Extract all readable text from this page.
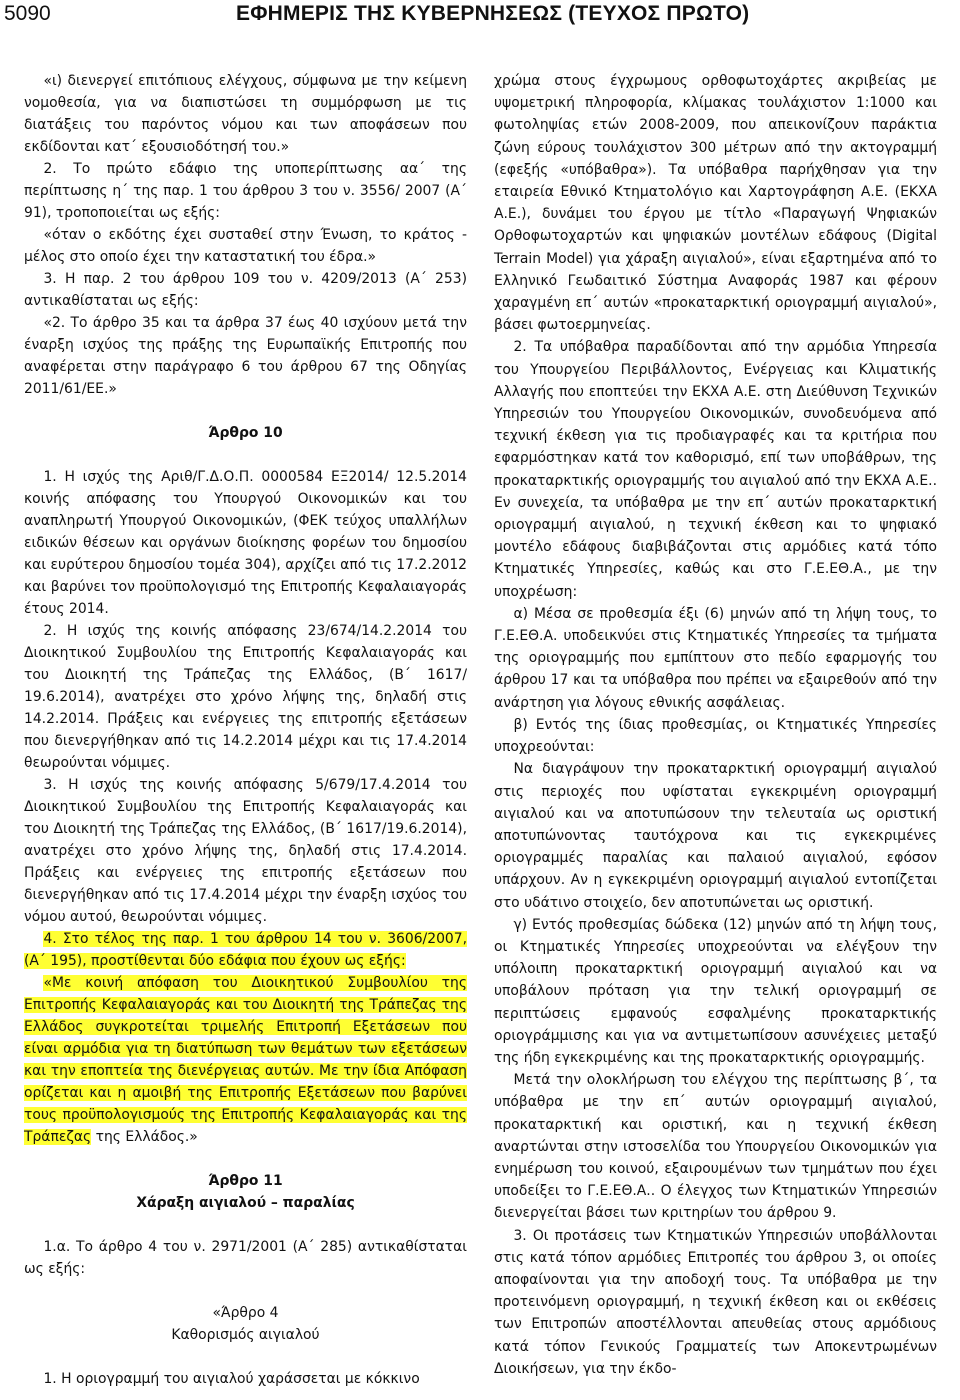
5090	ΕΦΗΜΕΡΙΣ ΤΗΣ ΚΥΒΕΡΝΗΣΕΩΣ (ΤΕΥΧΟΣ ΠΡΩΤΟ)

«ι) διενεργεί επιτόπιους ελέγχους, σύμφωνα με την κείμενη νομοθεσία, για να διαπιστώσει τη συμμόρφωση με τις διατάξεις του παρόντος νόμου και των αποφάσεων που εκδίδονται κατ΄ εξουσιοδότησή του.»

2. Το πρώτο εδάφιο της υποπερίπτωσης αα΄ της περίπτωσης η΄ της παρ. 1 του άρθρου 3 του ν. 3556/ 2007 (Α΄ 91), τροποποιείται ως εξής:

«όταν ο εκδότης έχει συσταθεί στην Ένωση, το κράτος - μέλος στο οποίο έχει την καταστατική του έδρα.»

3. Η παρ. 2 του άρθρου 109 του ν. 4209/2013 (Α΄ 253) αντικαθίσταται ως εξής:

«2. Το άρθρο 35 και τα άρθρα 37 έως 40 ισχύουν μετά την έναρξη ισχύος της πράξης της Ευρωπαϊκής Επιτροπής που αναφέρεται στην παράγραφο 6 του άρθρου 67 της Οδηγίας 2011/61/ΕΕ.»

Άρθρο 10

1. Η ισχύς της Αριθ/Γ.Δ.Ο.Π. 0000584 ΕΞ2014/ 12.5.2014 κοινής απόφασης του Υπουργού Οικονομικών και του αναπληρωτή Υπουργού Οικονομικών, (ΦΕΚ τεύχος υπαλλήλων ειδικών θέσεων και οργάνων διοίκησης φορέων του δημοσίου και ευρύτερου δημοσίου τομέα 304), αρχίζει από τις 17.2.2012 και βαρύνει τον προϋπολογισμό της Επιτροπής Κεφαλαιαγοράς έτους 2014.

2. Η ισχύς της κοινής απόφασης 23/674/14.2.2014 του Διοικητικού Συμβουλίου της Επιτροπής Κεφαλαιαγοράς και του Διοικητή της Τράπεζας της Ελλάδος, (Β΄ 1617/ 19.6.2014), ανατρέχει στο χρόνο λήψης της, δηλαδή στις 14.2.2014. Πράξεις και ενέργειες της επιτροπής εξετάσεων που διενεργήθηκαν από τις 14.2.2014 μέχρι και τις 17.4.2014 θεωρούνται νόμιμες.

3. Η ισχύς της κοινής απόφασης 5/679/17.4.2014 του Διοικητικού Συμβουλίου της Επιτροπής Κεφαλαιαγοράς και του Διοικητή της Τράπεζας της Ελλάδος, (Β΄ 1617/19.6.2014), ανατρέχει στο χρόνο λήψης της, δηλαδή στις 17.4.2014. Πράξεις και ενέργειες της επιτροπής εξετάσεων που διενεργήθηκαν από τις 17.4.2014 μέχρι την έναρξη ισχύος του νόμου αυτού, θεωρούνται νόμιμες.

4. Στο τέλος της παρ. 1 του άρθρου 14 του ν. 3606/2007, (Α΄ 195), προστίθενται δύο εδάφια που έχουν ως εξής:

«Με κοινή απόφαση του Διοικητικού Συμβουλίου της Επιτροπής Κεφαλαιαγοράς και του Διοικητή της Τράπεζας της Ελλάδος συγκροτείται τριμελής Επιτροπή Εξετάσεων που είναι αρμόδια για τη διατύπωση των θεμάτων των εξετάσεων και την εποπτεία της διενέργειας αυτών. Με την ίδια Απόφαση ορίζεται και η αμοιβή της Επιτροπής Εξετάσεων που βαρύνει τους προϋπολογισμούς της Επιτροπής Κεφαλαιαγοράς και της Τράπεζας της Ελλάδος.»

Άρθρο 11

Χάραξη αιγιαλού – παραλίας

1.α. Το άρθρο 4 του ν. 2971/2001 (Α΄ 285) αντικαθίσταται ως εξής:

«Άρθρο 4

Καθορισμός αιγιαλού

1. Η οριογραμμή του αιγιαλού χαράσσεται με κόκκινο

χρώμα στους έγχρωμους ορθοφωτοχάρτες ακριβείας με υψομετρική πληροφορία, κλίμακας τουλάχιστον 1:1000 και φωτοληψίας ετών 2008-2009, που απεικονίζουν παράκτια ζώνη εύρους τουλάχιστον 300 μέτρων από την ακτογραμμή (εφεξής «υπόβαθρα»). Τα υπόβαθρα παρήχθησαν για την εταιρεία Εθνικό Κτηματολόγιο και Χαρτογράφηση Α.Ε. (ΕΚΧΑ Α.Ε.), δυνάμει του έργου με τίτλο «Παραγωγή Ψηφιακών Ορθοφωτοχαρτών και ψηφιακών μοντέλων εδάφους (Digital Terrain Model) για χάραξη αιγιαλού», είναι εξαρτημένα από το Ελληνικό Γεωδαιτικό Σύστημα Αναφοράς 1987 και φέρουν χαραγμένη επ΄ αυτών «προκαταρκτική οριογραμμή αιγιαλού», βάσει φωτοερμηνείας.

2. Τα υπόβαθρα παραδίδονται από την αρμόδια Υπηρεσία του Υπουργείου Περιβάλλοντος, Ενέργειας και Κλιματικής Αλλαγής που εποπτεύει την ΕΚΧΑ Α.Ε. στη Διεύθυνση Τεχνικών Υπηρεσιών του Υπουργείου Οικονομικών, συνοδευόμενα από τεχνική έκθεση για τις προδιαγραφές και τα κριτήρια που εφαρμόστηκαν κατά τον καθορισμό, επί των υποβάθρων, της προκαταρκτικής οριογραμμής του αιγιαλού από την ΕΚΧΑ Α.Ε.. Εν συνεχεία, τα υπόβαθρα με την επ΄ αυτών προκαταρκτική οριογραμμή αιγιαλού, η τεχνική έκθεση και το ψηφιακό μοντέλο εδάφους διαβιβάζονται στις αρμόδιες κατά τόπο Κτηματικές Υπηρεσίες, καθώς και στο Γ.Ε.ΕΘ.Α., με την υποχρέωση:

α) Μέσα σε προθεσμία έξι (6) μηνών από τη λήψη τους, το Γ.Ε.ΕΘ.Α. υποδεικνύει στις Κτηματικές Υπηρεσίες τα τμήματα της οριογραμμής που εμπίπτουν στο πεδίο εφαρμογής του άρθρου 17 και τα υπόβαθρα που πρέπει να εξαιρεθούν από την ανάρτηση για λόγους εθνικής ασφάλειας.

β) Εντός της ίδιας προθεσμίας, οι Κτηματικές Υπηρεσίες υποχρεούνται:

Να διαγράψουν την προκαταρκτική οριογραμμή αιγιαλού στις περιοχές που υφίσταται εγκεκριμένη οριογραμμή αιγιαλού και να αποτυπώσουν την τελευταία ως οριστική αποτυπώνοντας ταυτόχρονα και τις εγκεκριμένες οριογραμμές παραλίας και παλαιού αιγιαλού, εφόσον υπάρχουν. Αν η εγκεκριμένη οριογραμμή αιγιαλού εντοπίζεται στο υδάτινο στοιχείο, δεν αποτυπώνεται ως οριστική.

γ) Εντός προθεσμίας δώδεκα (12) μηνών από τη λήψη τους, οι Κτηματικές Υπηρεσίες υποχρεούνται να ελέγξουν την υπόλοιπη προκαταρκτική οριογραμμή αιγιαλού και να υποβάλουν πρόταση για την τελική οριογραμμή σε περιπτώσεις εμφανούς εσφαλμένης προκαταρκτικής οριογράμμισης και για να αντιμετωπίσουν ασυνέχειες μεταξύ της ήδη εγκεκριμένης και της προκαταρκτικής οριογραμμής.

Μετά την ολοκλήρωση του ελέγχου της περίπτωσης β΄, τα υπόβαθρα με την επ΄ αυτών οριογραμμή αιγιαλού, προκαταρκτική και οριστική, και η τεχνική έκθεση αναρτώνται στην ιστοσελίδα του Υπουργείου Οικονομικών για ενημέρωση του κοινού, εξαιρουμένων των τμημάτων που έχει υποδείξει το Γ.Ε.ΕΘ.Α.. Ο έλεγχος των Κτηματικών Υπηρεσιών διενεργείται βάσει των κριτηρίων του άρθρου 9.

3. Οι προτάσεις των Κτηματικών Υπηρεσιών υποβάλλονται στις κατά τόπον αρμόδιες Επιτροπές του άρθρου 3, οι οποίες αποφαίνονται για την αποδοχή τους. Τα υπόβαθρα με την προτεινόμενη οριογραμμή, η τεχνική έκθεση και οι εκθέσεις των Επιτροπών αποστέλλονται απευθείας στους αρμόδιους κατά τόπον Γενικούς Γραμματείς των Αποκεντρωμένων Διοικήσεων, για την έκδο-
